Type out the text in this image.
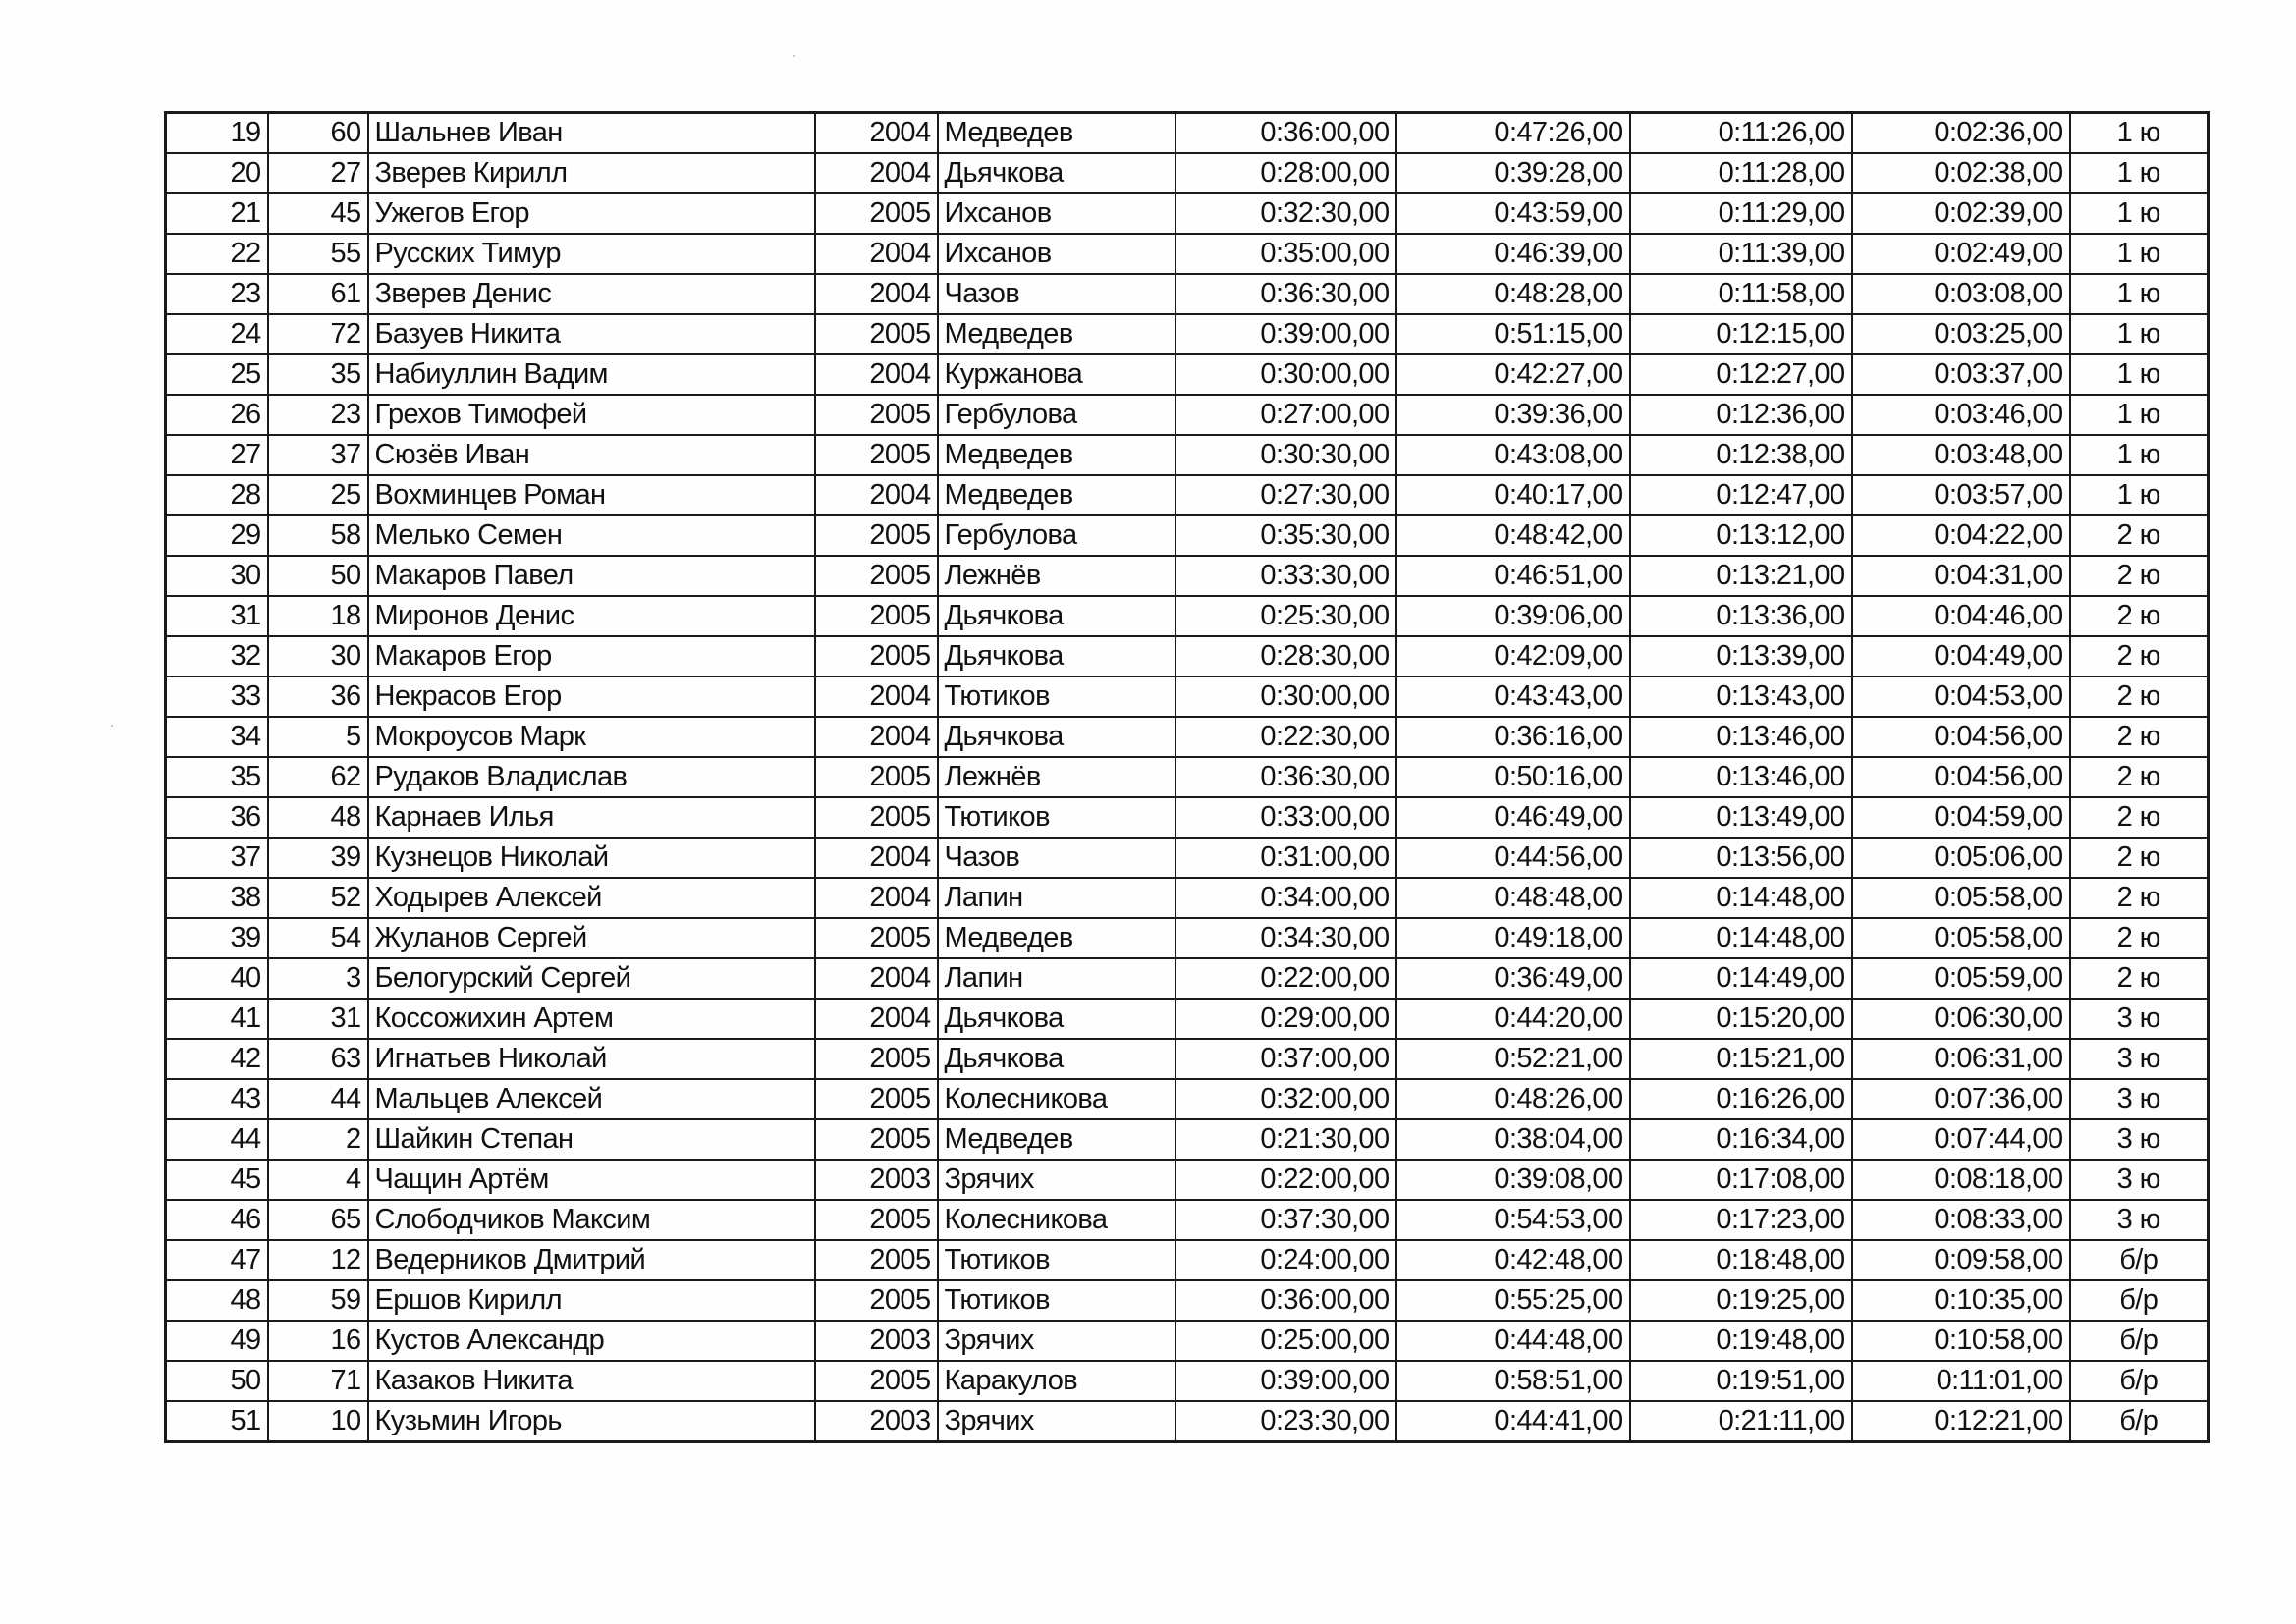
19	60	Шальнев Иван	2004	Медведев	0:36:00,00	0:47:26,00	0:11:26,00	0:02:36,00	1 ю
20	27	Зверев Кирилл	2004	Дьячкова	0:28:00,00	0:39:28,00	0:11:28,00	0:02:38,00	1 ю
21	45	Ужегов Егор	2005	Ихсанов	0:32:30,00	0:43:59,00	0:11:29,00	0:02:39,00	1 ю
22	55	Русских Тимур	2004	Ихсанов	0:35:00,00	0:46:39,00	0:11:39,00	0:02:49,00	1 ю
23	61	Зверев Денис	2004	Чазов	0:36:30,00	0:48:28,00	0:11:58,00	0:03:08,00	1 ю
24	72	Базуев Никита	2005	Медведев	0:39:00,00	0:51:15,00	0:12:15,00	0:03:25,00	1 ю
25	35	Набиуллин Вадим	2004	Куржанова	0:30:00,00	0:42:27,00	0:12:27,00	0:03:37,00	1 ю
26	23	Грехов Тимофей	2005	Гербулова	0:27:00,00	0:39:36,00	0:12:36,00	0:03:46,00	1 ю
27	37	Сюзёв Иван	2005	Медведев	0:30:30,00	0:43:08,00	0:12:38,00	0:03:48,00	1 ю
28	25	Вохминцев Роман	2004	Медведев	0:27:30,00	0:40:17,00	0:12:47,00	0:03:57,00	1 ю
29	58	Мелько Семен	2005	Гербулова	0:35:30,00	0:48:42,00	0:13:12,00	0:04:22,00	2 ю
30	50	Макаров Павел	2005	Лежнёв	0:33:30,00	0:46:51,00	0:13:21,00	0:04:31,00	2 ю
31	18	Миронов Денис	2005	Дьячкова	0:25:30,00	0:39:06,00	0:13:36,00	0:04:46,00	2 ю
32	30	Макаров Егор	2005	Дьячкова	0:28:30,00	0:42:09,00	0:13:39,00	0:04:49,00	2 ю
33	36	Некрасов Егор	2004	Тютиков	0:30:00,00	0:43:43,00	0:13:43,00	0:04:53,00	2 ю
34	5	Мокроусов Марк	2004	Дьячкова	0:22:30,00	0:36:16,00	0:13:46,00	0:04:56,00	2 ю
35	62	Рудаков Владислав	2005	Лежнёв	0:36:30,00	0:50:16,00	0:13:46,00	0:04:56,00	2 ю
36	48	Карнаев Илья	2005	Тютиков	0:33:00,00	0:46:49,00	0:13:49,00	0:04:59,00	2 ю
37	39	Кузнецов Николай	2004	Чазов	0:31:00,00	0:44:56,00	0:13:56,00	0:05:06,00	2 ю
38	52	Ходырев Алексей	2004	Лапин	0:34:00,00	0:48:48,00	0:14:48,00	0:05:58,00	2 ю
39	54	Жуланов Сергей	2005	Медведев	0:34:30,00	0:49:18,00	0:14:48,00	0:05:58,00	2 ю
40	3	Белогурский Сергей	2004	Лапин	0:22:00,00	0:36:49,00	0:14:49,00	0:05:59,00	2 ю
41	31	Коссожихин Артем	2004	Дьячкова	0:29:00,00	0:44:20,00	0:15:20,00	0:06:30,00	3 ю
42	63	Игнатьев Николай	2005	Дьячкова	0:37:00,00	0:52:21,00	0:15:21,00	0:06:31,00	3 ю
43	44	Мальцев Алексей	2005	Колесникова	0:32:00,00	0:48:26,00	0:16:26,00	0:07:36,00	3 ю
44	2	Шайкин Степан	2005	Медведев	0:21:30,00	0:38:04,00	0:16:34,00	0:07:44,00	3 ю
45	4	Чащин Артём	2003	Зрячих	0:22:00,00	0:39:08,00	0:17:08,00	0:08:18,00	3 ю
46	65	Слободчиков Максим	2005	Колесникова	0:37:30,00	0:54:53,00	0:17:23,00	0:08:33,00	3 ю
47	12	Ведерников Дмитрий	2005	Тютиков	0:24:00,00	0:42:48,00	0:18:48,00	0:09:58,00	б/р
48	59	Ершов Кирилл	2005	Тютиков	0:36:00,00	0:55:25,00	0:19:25,00	0:10:35,00	б/р
49	16	Кустов Александр	2003	Зрячих	0:25:00,00	0:44:48,00	0:19:48,00	0:10:58,00	б/р
50	71	Казаков Никита	2005	Каракулов	0:39:00,00	0:58:51,00	0:19:51,00	0:11:01,00	б/р
51	10	Кузьмин Игорь	2003	Зрячих	0:23:30,00	0:44:41,00	0:21:11,00	0:12:21,00	б/р
